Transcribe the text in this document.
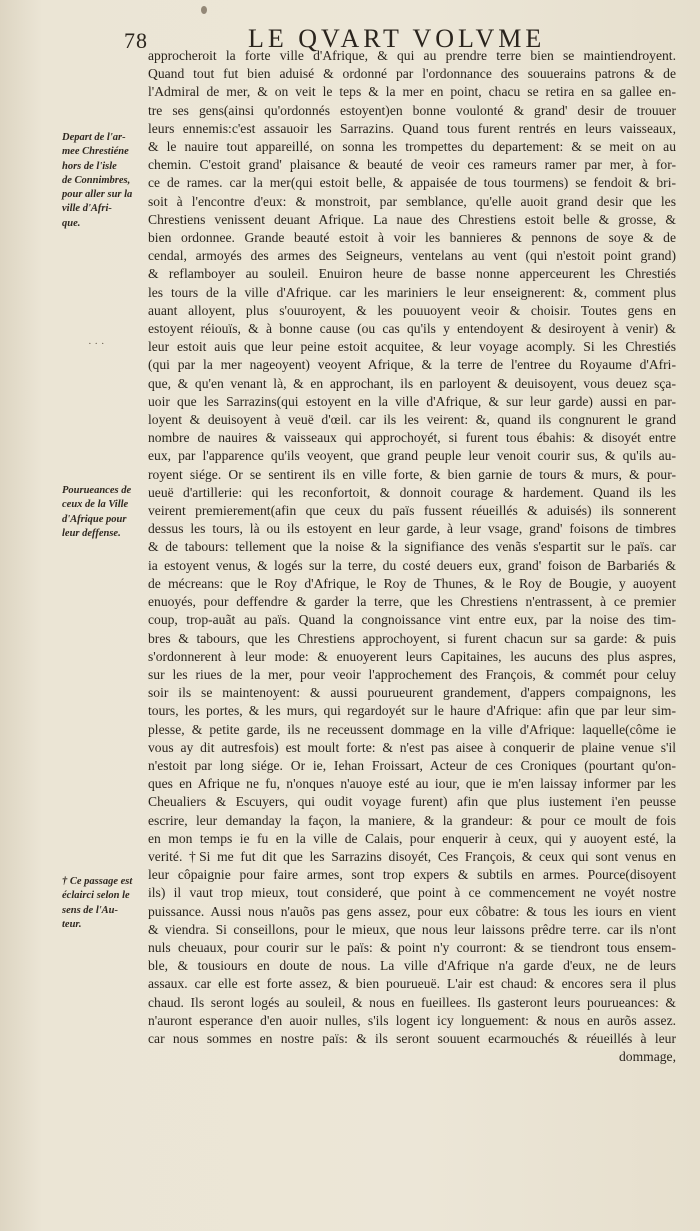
78	LE QVART VOLVME
Depart de l'ar-
mee Chrestiéne
hors de l'isle
de Connimbres,
pour aller sur la
ville d'Afri-
que.
· · ·
Pourueances de
ceux de la Ville
d'Afrique pour
leur deffense.
† Ce passage est
éclairci selon le
sens de l'Au-
teur.
approcheroit la forte ville d'Afrique, & qui au prendre terre bien se maintiendroyent.
Quand tout fut bien aduisé & ordonné par l'ordonnance des souuerains patrons & de
l'Admiral de mer, & on veit le teps & la mer en point, chacu se retira en sa gallee en-
tre ses gens(ainsi qu'ordonnés estoyent)en bonne voulonté & grand' desir de trouuer
leurs ennemis:c'est assauoir les Sarrazins. Quand tous furent rentrés en leurs vaisseaux,
& le nauire tout appareillé, on sonna les trompettes du departement: & se meit on au
chemin. C'estoit grand' plaisance & beauté de veoir ces rameurs ramer par mer, à for-
ce de rames. car la mer(qui estoit belle, & appaisée de tous tourmens) se fendoit & bri-
soit à l'encontre d'eux: & monstroit, par semblance, qu'elle auoit grand desir que les
Chrestiens venissent deuant Afrique. La naue des Chrestiens estoit belle & grosse, &
bien ordonnee. Grande beauté estoit à voir les bannieres & pennons de soye & de
cendal, armoyés des armes des Seigneurs, ventelans au vent (qui n'estoit point grand)
& reflamboyer au souleil. Enuiron heure de basse nonne apperceurent les Chrestiés
les tours de la ville d'Afrique. car les mariniers le leur enseignerent: &, comment plus
auant alloyent, plus s'ouuroyent, & les pouuoyent veoir & choisir. Toutes gens en
estoyent réiouïs, & à bonne cause (ou cas qu'ils y entendoyent & desiroyent à venir) &
leur estoit auis que leur peine estoit acquitee, & leur voyage acomply. Si les Chrestiés
(qui par la mer nageoyent) veoyent Afrique, & la terre de l'entree du Royaume d'Afri-
que, & qu'en venant là, & en approchant, ils en parloyent & deuisoyent, vous deuez sça-
uoir que les Sarrazins(qui estoyent en la ville d'Afrique, & sur leur garde) aussi en par-
loyent & deuisoyent à veuë d'œil. car ils les veirent: &, quand ils congnurent le grand
nombre de nauires & vaisseaux qui approchoyét, si furent tous ébahis: & disoyét entre
eux, par l'apparence qu'ils veoyent, que grand peuple leur venoit courir sus, & qu'ils au-
royent siége. Or se sentirent ils en ville forte, & bien garnie de tours & murs, & pour-
ueuë d'artillerie: qui les reconfortoit, & donnoit courage & hardement. Quand ils les
veirent premierement(afin que ceux du païs fussent réueillés & aduisés) ils sonnerent
dessus les tours, là ou ils estoyent en leur garde, à leur vsage, grand' foisons de timbres
& de tabours: tellement que la noise & la signifiance des venãs s'espartit sur le païs. car
ia estoyent venus, & logés sur la terre, du costé deuers eux, grand' foison de Barbariés &
de mécreans: que le Roy d'Afrique, le Roy de Thunes, & le Roy de Bougie, y auoyent
enuoyés, pour deffendre & garder la terre, que les Chrestiens n'entrassent, à ce premier
coup, trop-auãt au païs. Quand la congnoissance vint entre eux, par la noise des tim-
bres & tabours, que les Chrestiens approchoyent, si furent chacun sur sa garde: & puis
s'ordonnerent à leur mode: & enuoyerent leurs Capitaines, les aucuns des plus aspres,
sur les riues de la mer, pour veoir l'approchement des François, & commét pour celuy
soir ils se maintenoyent: & aussi pourueurent grandement, d'appers compaignons, les
tours, les portes, & les murs, qui regardoyét sur le haure d'Afrique: afin que par leur sim-
plesse, & petite garde, ils ne receussent dommage en la ville d'Afrique: laquelle(côme ie
vous ay dit autresfois) est moult forte: & n'est pas aisee à conquerir de plaine venue s'il
n'estoit par long siége. Or ie, Iehan Froissart, Acteur de ces Croniques (pourtant qu'on-
ques en Afrique ne fu, n'onques n'auoye esté au iour, que ie m'en laissay informer par les
Cheualiers & Escuyers, qui oudit voyage furent) afin que plus iustement i'en peusse
escrire, leur demanday la façon, la maniere, & la grandeur: & pour ce moult de fois
en mon temps ie fu en la ville de Calais, pour enquerir à ceux, qui y auoyent esté, la
verité. †Si me fut dit que les Sarrazins disoyét, Ces François, & ceux qui sont venus en
leur côpaignie pour faire armes, sont trop expers & subtils en armes. Pource(disoyent
ils) il vaut trop mieux, tout consideré, que point à ce commencement ne voyét nostre
puissance. Aussi nous n'auõs pas gens assez, pour eux côbatre: & tous les iours en vient
& viendra. Si conseillons, pour le mieux, que nous leur laissons prêdre terre. car ils n'ont
nuls cheuaux, pour courir sur le païs: & point n'y courront: & se tiendront tous ensem-
ble, & tousiours en doute de nous. La ville d'Afrique n'a garde d'eux, ne de leurs
assaux. car elle est forte assez, & bien pourueuë. L'air est chaud: & encores sera il plus
chaud. Ils seront logés au souleil, & nous en fueillees. Ils gasteront leurs pourueances: &
n'auront esperance d'en auoir nulles, s'ils logent icy longuement: & nous en aurõs assez.
car nous sommes en nostre païs: & ils seront souuent ecarmouchés & réueillés à leur
dommage,
